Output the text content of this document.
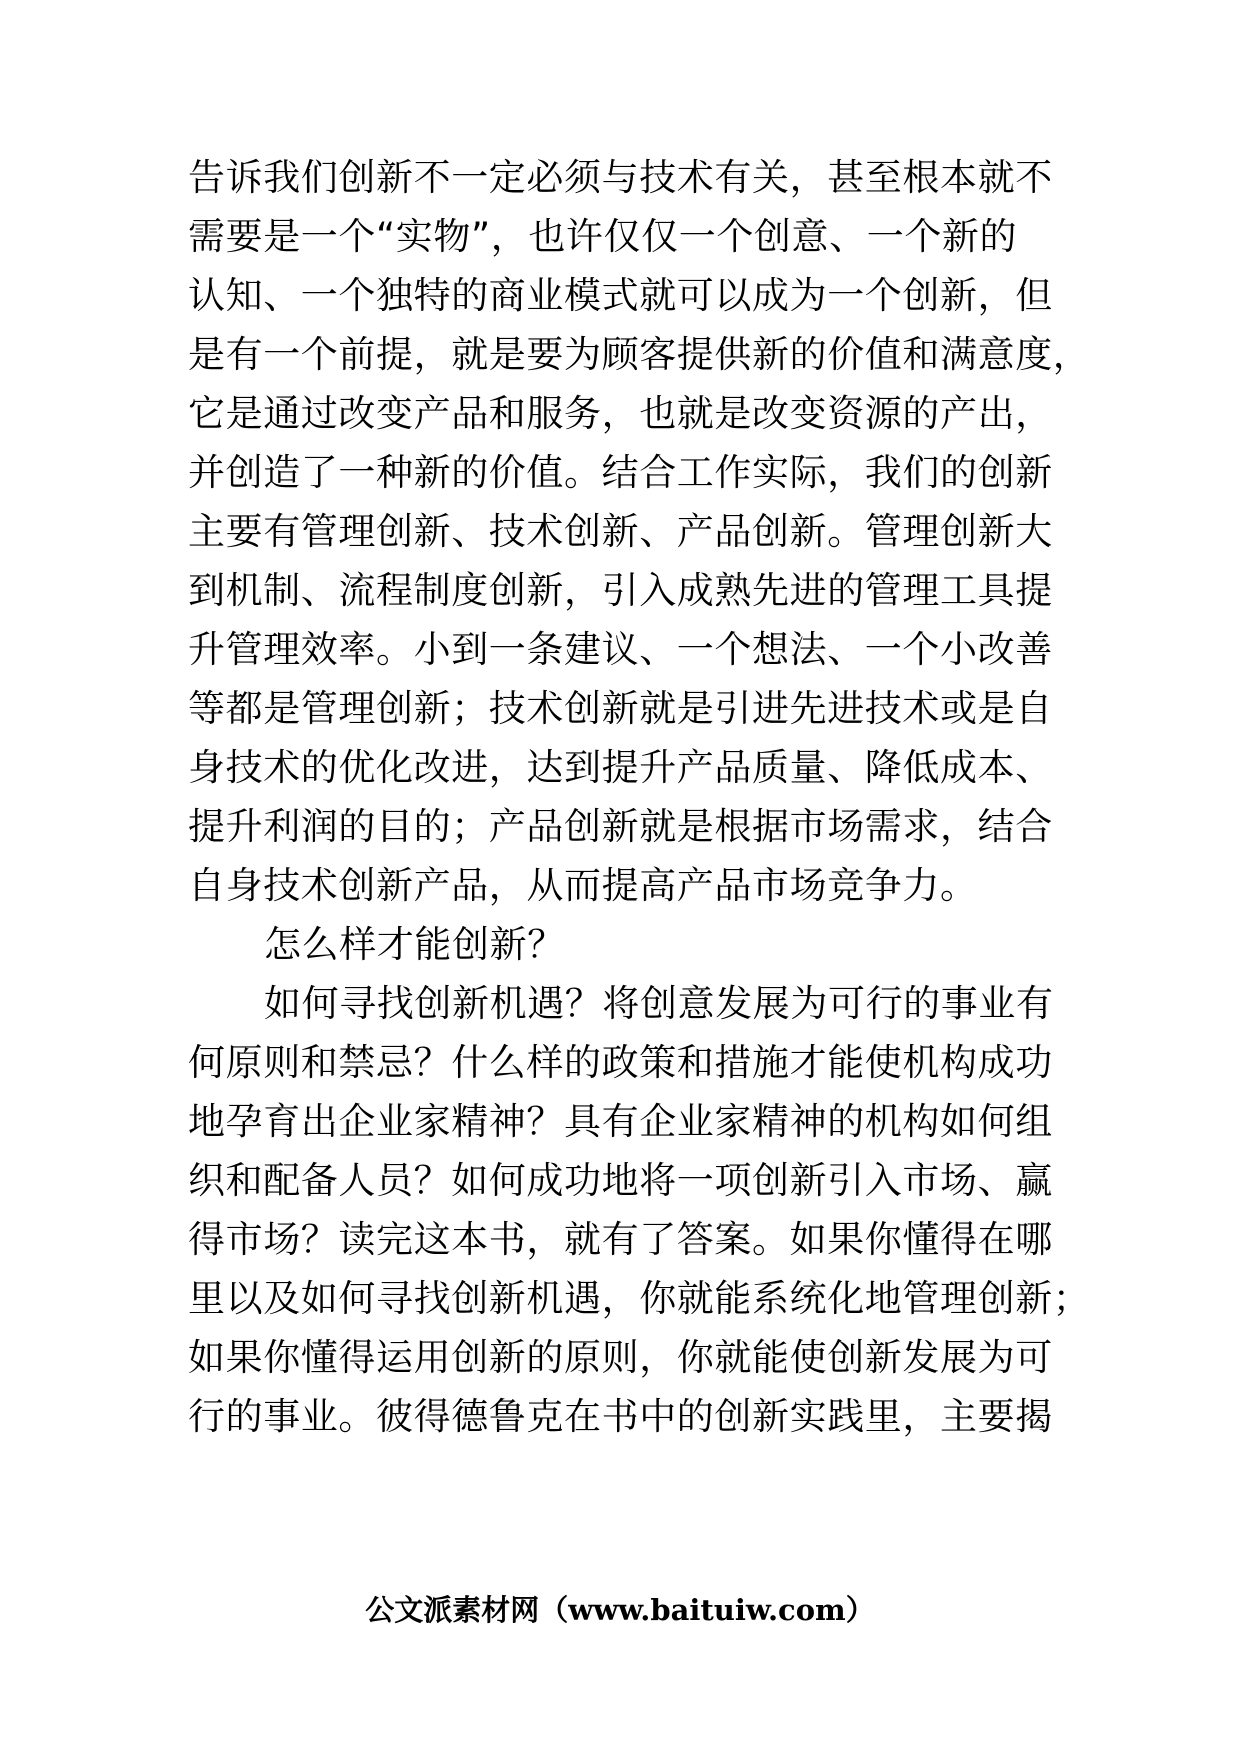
告诉我们创新不一定必须与技术有关，甚至根本就不
需要是一个“实物”，也许仅仅一个创意、一个新的
认知、一个独特的商业模式就可以成为一个创新，但
是有一个前提，就是要为顾客提供新的价值和满意度，
它是通过改变产品和服务，也就是改变资源的产出，
并创造了一种新的价值。结合工作实际，我们的创新
主要有管理创新、技术创新、产品创新。管理创新大
到机制、流程制度创新，引入成熟先进的管理工具提
升管理效率。小到一条建议、一个想法、一个小改善
等都是管理创新；技术创新就是引进先进技术或是自
身技术的优化改进，达到提升产品质量、降低成本、
提升利润的目的；产品创新就是根据市场需求，结合
自身技术创新产品，从而提高产品市场竞争力。
怎么样才能创新？
如何寻找创新机遇？将创意发展为可行的事业有
何原则和禁忌？什么样的政策和措施才能使机构成功
地孕育出企业家精神？具有企业家精神的机构如何组
织和配备人员？如何成功地将一项创新引入市场、赢
得市场？读完这本书，就有了答案。如果你懂得在哪
里以及如何寻找创新机遇，你就能系统化地管理创新；
如果你懂得运用创新的原则，你就能使创新发展为可
行的事业。彼得德鲁克在书中的创新实践里，主要揭
公文派素材网（www.baituiw.com）
